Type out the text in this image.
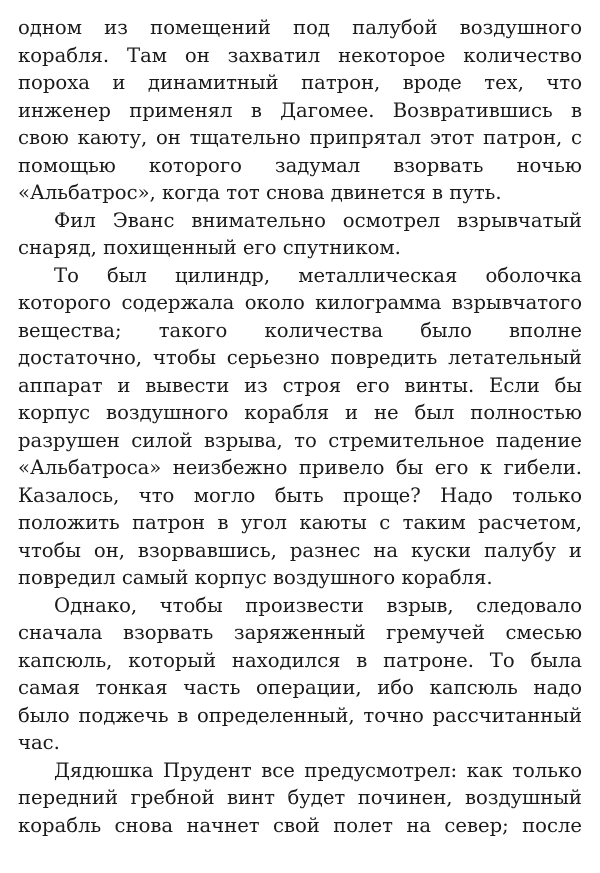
одном из помещений под палубой воздушного
корабля. Там он захватил некоторое количество
пороха и динамитный патрон, вроде тех, что
инженер применял в Дагомее. Возвратившись в
свою каюту, он тщательно припрятал этот патрон, с
помощью которого задумал взорвать ночью
«Альбатрос», когда тот снова двинется в путь.
Фил Эванс внимательно осмотрел взрывчатый
снаряд, похищенный его спутником.
То был цилиндр, металлическая оболочка
которого содержала около килограмма взрывчатого
вещества; такого количества было вполне
достаточно, чтобы серьезно повредить летательный
аппарат и вывести из строя его винты. Если бы
корпус воздушного корабля и не был полностью
разрушен силой взрыва, то стремительное падение
«Альбатроса» неизбежно привело бы его к гибели.
Казалось, что могло быть проще? Надо только
положить патрон в угол каюты с таким расчетом,
чтобы он, взорвавшись, разнес на куски палубу и
повредил самый корпус воздушного корабля.
Однако, чтобы произвести взрыв, следовало
сначала взорвать заряженный гремучей смесью
капсюль, который находился в патроне. То была
самая тонкая часть операции, ибо капсюль надо
было поджечь в определенный, точно рассчитанный
час.
Дядюшка Прудент все предусмотрел: как только
передний гребной винт будет починен, воздушный
корабль снова начнет свой полет на север; после
